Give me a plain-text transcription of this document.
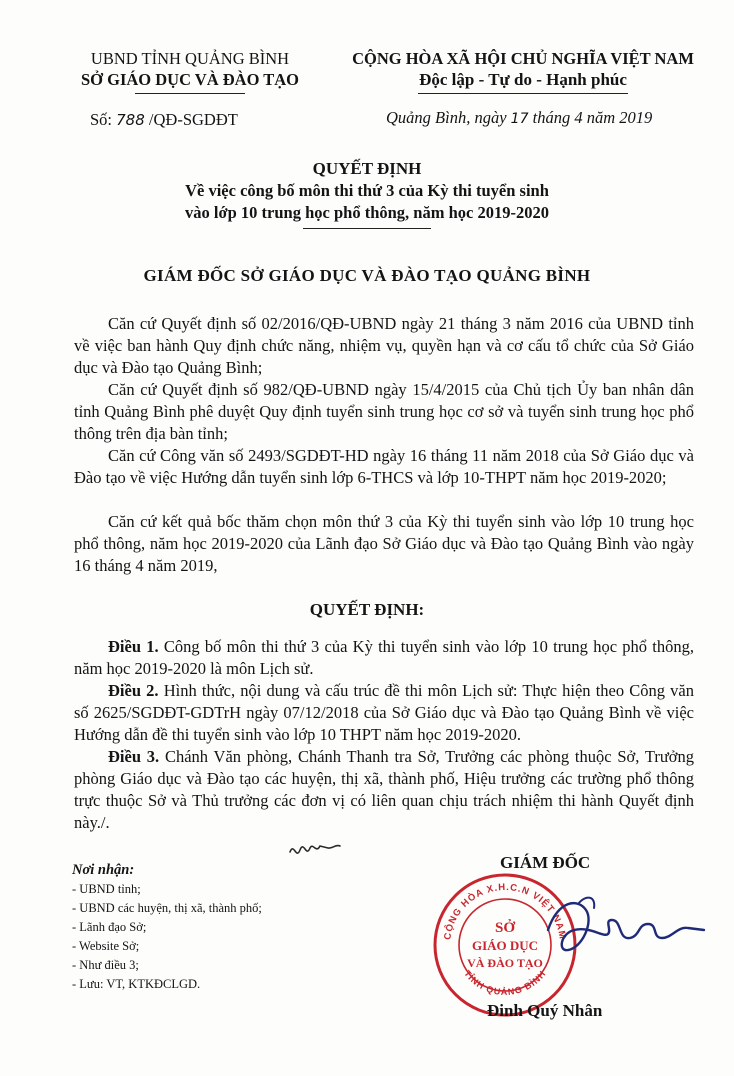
UBND TỈNH QUẢNG BÌNH
SỞ GIÁO DỤC VÀ ĐÀO TẠO
Số: 788 /QĐ-SGDĐT
CỘNG HÒA XÃ HỘI CHỦ NGHĨA VIỆT NAM
Độc lập - Tự do - Hạnh phúc
Quảng Bình, ngày 17 tháng 4 năm 2019
QUYẾT ĐỊNH
Về việc công bố môn thi thứ 3 của Kỳ thi tuyển sinh
vào lớp 10 trung học phổ thông, năm học 2019-2020
GIÁM ĐỐC SỞ GIÁO DỤC VÀ ĐÀO TẠO QUẢNG BÌNH
Căn cứ Quyết định số 02/2016/QĐ-UBND ngày 21 tháng 3 năm 2016 của UBND tỉnh về việc ban hành Quy định chức năng, nhiệm vụ, quyền hạn và cơ cấu tổ chức của Sở Giáo dục và Đào tạo Quảng Bình;
Căn cứ Quyết định số 982/QĐ-UBND ngày 15/4/2015 của Chủ tịch Ủy ban nhân dân tỉnh Quảng Bình phê duyệt Quy định tuyển sinh trung học cơ sở và tuyển sinh trung học phổ thông trên địa bàn tỉnh;
Căn cứ Công văn số 2493/SGDĐT-HD ngày 16 tháng 11 năm 2018 của Sở Giáo dục và Đào tạo về việc Hướng dẫn tuyển sinh lớp 6-THCS và lớp 10-THPT năm học 2019-2020;
Căn cứ kết quả bốc thăm chọn môn thứ 3 của Kỳ thi tuyển sinh vào lớp 10 trung học phổ thông, năm học 2019-2020 của Lãnh đạo Sở Giáo dục và Đào tạo Quảng Bình vào ngày 16 tháng 4 năm 2019,
QUYẾT ĐỊNH:
Điều 1. Công bố môn thi thứ 3 của Kỳ thi tuyển sinh vào lớp 10 trung học phổ thông, năm học 2019-2020 là môn Lịch sử.
Điều 2. Hình thức, nội dung và cấu trúc đề thi môn Lịch sử: Thực hiện theo Công văn số 2625/SGDĐT-GDTrH ngày 07/12/2018 của Sở Giáo dục và Đào tạo Quảng Bình về việc Hướng dẫn đề thi tuyển sinh vào lớp 10 THPT năm học 2019-2020.
Điều 3. Chánh Văn phòng, Chánh Thanh tra Sở, Trưởng các phòng thuộc Sở, Trưởng phòng Giáo dục và Đào tạo các huyện, thị xã, thành phố, Hiệu trưởng các trường phổ thông trực thuộc Sở và Thủ trưởng các đơn vị có liên quan chịu trách nhiệm thi hành Quyết định này./.
Nơi nhận:
- UBND tỉnh;
- UBND các huyện, thị xã, thành phố;
- Lãnh đạo Sở;
- Website Sở;
- Như điều 3;
- Lưu: VT, KTKĐCLGD.
GIÁM ĐỐC
CỘNG HÒA X.H.C.N VIỆT NAM
TỈNH QUẢNG BÌNH
SỞ
GIÁO DỤC
VÀ ĐÀO TẠO
Đinh Quý Nhân
